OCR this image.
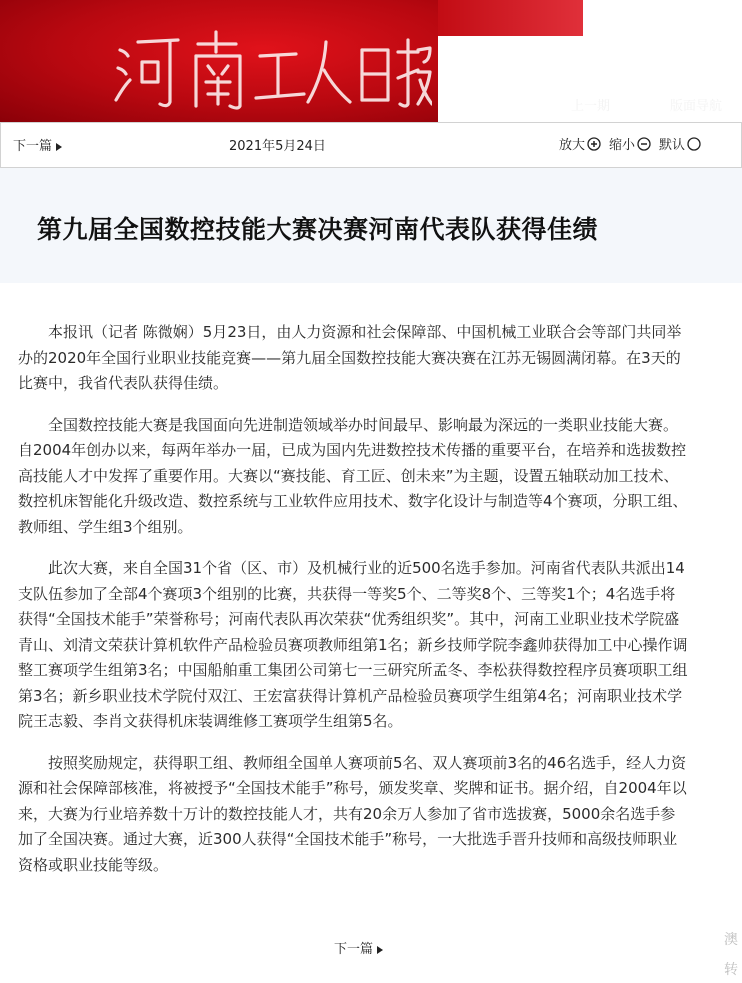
上一期	版面导航
下一篇	2021年5月24日	放大 缩小 默认
第九届全国数控技能大赛决赛河南代表队获得佳绩

本报讯（记者 陈微娴）5月23日，由人力资源和社会保障部、中国机械工业联合会等部门共同举办的2020年全国行业职业技能竞赛——第九届全国数控技能大赛决赛在江苏无锡圆满闭幕。在3天的比赛中，我省代表队获得佳绩。

全国数控技能大赛是我国面向先进制造领域举办时间最早、影响最为深远的一类职业技能大赛。自2004年创办以来，每两年举办一届，已成为国内先进数控技术传播的重要平台，在培养和选拔数控高技能人才中发挥了重要作用。大赛以“赛技能、育工匠、创未来”为主题，设置五轴联动加工技术、数控机床智能化升级改造、数控系统与工业软件应用技术、数字化设计与制造等4个赛项，分职工组、教师组、学生组3个组别。

此次大赛，来自全国31个省（区、市）及机械行业的近500名选手参加。河南省代表队共派出14支队伍参加了全部4个赛项3个组别的比赛，共获得一等奖5个、二等奖8个、三等奖1个；4名选手将获得“全国技术能手”荣誉称号；河南代表队再次荣获“优秀组织奖”。其中，河南工业职业技术学院盛青山、刘清文荣获计算机软件产品检验员赛项教师组第1名；新乡技师学院李鑫帅获得加工中心操作调整工赛项学生组第3名；中国船舶重工集团公司第七一三研究所孟冬、李松获得数控程序员赛项职工组第3名；新乡职业技术学院付双江、王宏富获得计算机产品检验员赛项学生组第4名；河南职业技术学院王志毅、李肖文获得机床装调维修工赛项学生组第5名。

按照奖励规定，获得职工组、教师组全国单人赛项前5名、双人赛项前3名的46名选手，经人力资源和社会保障部核准，将被授予“全国技术能手”称号，颁发奖章、奖牌和证书。据介绍，自2004年以来，大赛为行业培养数十万计的数控技能人才，共有20余万人参加了省市选拔赛，5000余名选手参加了全国决赛。通过大赛，近300人获得“全国技术能手”称号，一大批选手晋升技师和高级技师职业资格或职业技能等级。

下一篇
澳转
